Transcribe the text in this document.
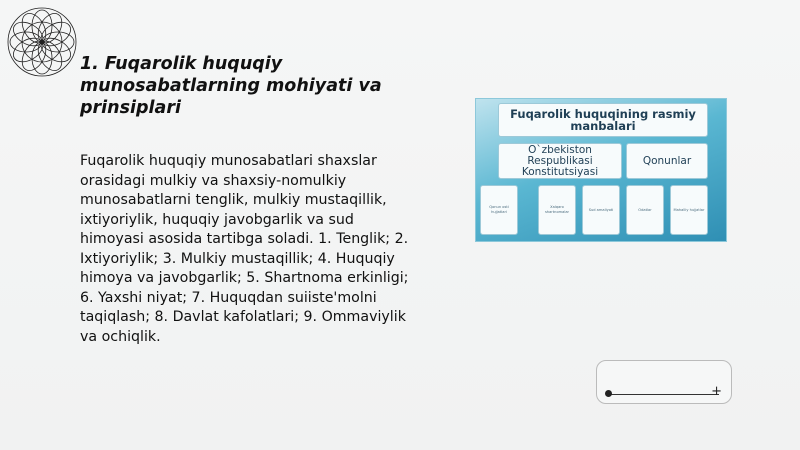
1. Fuqarolik huquqiy munosabatlarning mohiyati va prinsiplari
Fuqarolik huquqiy munosabatlari shaxslar orasidagi mulkiy va shaxsiy-nomulkiy munosabatlarni tenglik, mulkiy mustaqillik, ixtiyoriylik, huquqiy javobgarlik va sud himoyasi asosida tartibga soladi. 1. Tenglik; 2. Ixtiyoriylik; 3. Mulkiy mustaqillik; 4. Huquqiy himoya va javobgarlik; 5. Shartnoma erkinligi; 6. Yaxshi niyat; 7. Huquqdan suiiste'molni taqiqlash; 8. Davlat kafolatlari; 9. Ommaviylik va ochiqlik.
Fuqarolik huquqining rasmiy manbalari
O`zbekiston Respublikasi Konstitutsiyasi
Qonunlar
Qonun osti hujjatlari
Xalqaro shartnomalar
Sud amaliyoti	Odatlar	Mahalliy hujjatlar
+
